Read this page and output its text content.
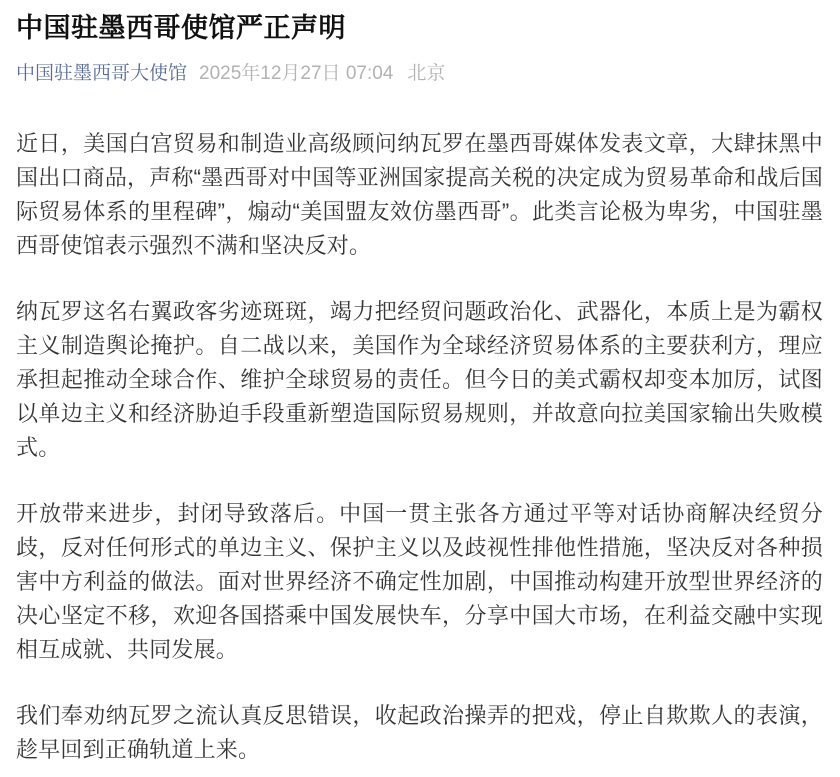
中国驻墨西哥使馆严正声明
中国驻墨西哥大使馆 2025年12月27日 07:04 北京

近日，美国白宫贸易和制造业高级顾问纳瓦罗在墨西哥媒体发表文章，大肆抹黑中国出口商品，声称“墨西哥对中国等亚洲国家提高关税的决定成为贸易革命和战后国际贸易体系的里程碑”，煽动“美国盟友效仿墨西哥”。此类言论极为卑劣，中国驻墨西哥使馆表示强烈不满和坚决反对。

纳瓦罗这名右翼政客劣迹斑斑，竭力把经贸问题政治化、武器化，本质上是为霸权主义制造舆论掩护。自二战以来，美国作为全球经济贸易体系的主要获利方，理应承担起推动全球合作、维护全球贸易的责任。但今日的美式霸权却变本加厉，试图以单边主义和经济胁迫手段重新塑造国际贸易规则，并故意向拉美国家输出失败模式。

开放带来进步，封闭导致落后。中国一贯主张各方通过平等对话协商解决经贸分歧，反对任何形式的单边主义、保护主义以及歧视性排他性措施，坚决反对各种损害中方利益的做法。面对世界经济不确定性加剧，中国推动构建开放型世界经济的决心坚定不移，欢迎各国搭乘中国发展快车，分享中国大市场，在利益交融中实现相互成就、共同发展。

我们奉劝纳瓦罗之流认真反思错误，收起政治操弄的把戏，停止自欺欺人的表演，趁早回到正确轨道上来。
